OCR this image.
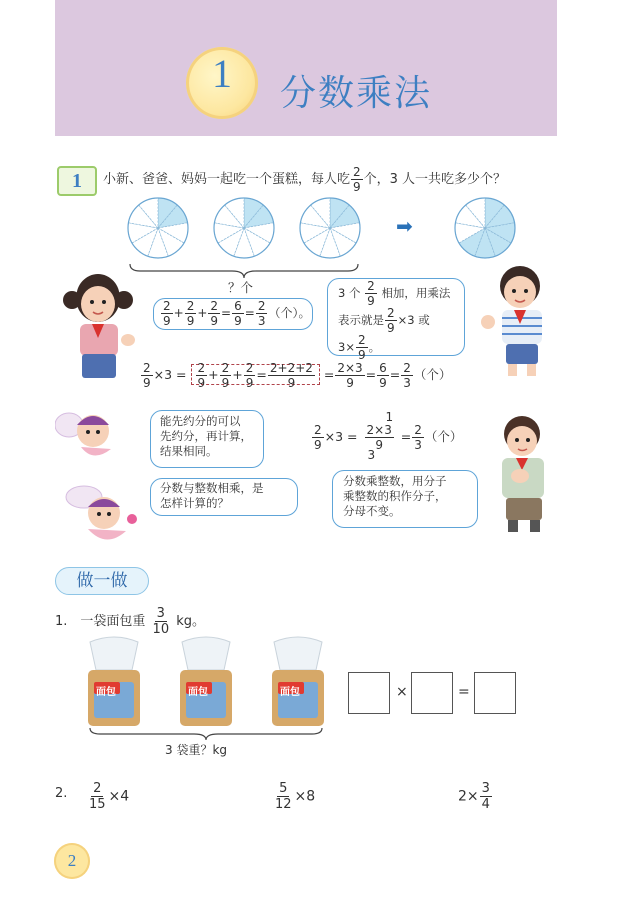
1	分数乘法
1	小新、爸爸、妈妈一起吃一个蛋糕，每人吃 $\frac{2}{9}$ 个，3 人一共吃多少个？
➡
？个
$\frac{2}{9} + \frac{2}{9} + \frac{2}{9} = \frac{6}{9} = \frac{2}{3}$ （个）。
3 个 $\frac{2}{9}$ 相加，用乘法
表示就是 $\frac{2}{9} \times 3$ 或
$3\times \frac{2}{9}$ 。
$\frac{2}{9} \times 3 = \frac{2}{9} + \frac{2}{9} + \frac{2}{9} = \frac{2+2+2}{9} = \frac{2\times 3}{9} = \frac{6}{9} = \frac{2}{3}$ （个）
能先约分的可以
先约分，再计算，
结果相同。	$\frac{2}{9} \times 3 = \frac{2\times 3}{9}$
1
3
= $\frac{2}{3}$ （个）
分数与整数相乘，是
怎样计算的？
分数乘整数，用分子
乘整数的积作分子，
分母不变。
做一做
1.　一袋面包重 $\frac{3}{10}$ kg。
面包	面包	面包
3 袋重？kg
×	=
2. $\frac{2}{15} \times 4$	$\frac{5}{12} \times 8$	$2\times \frac{3}{4}$
2
